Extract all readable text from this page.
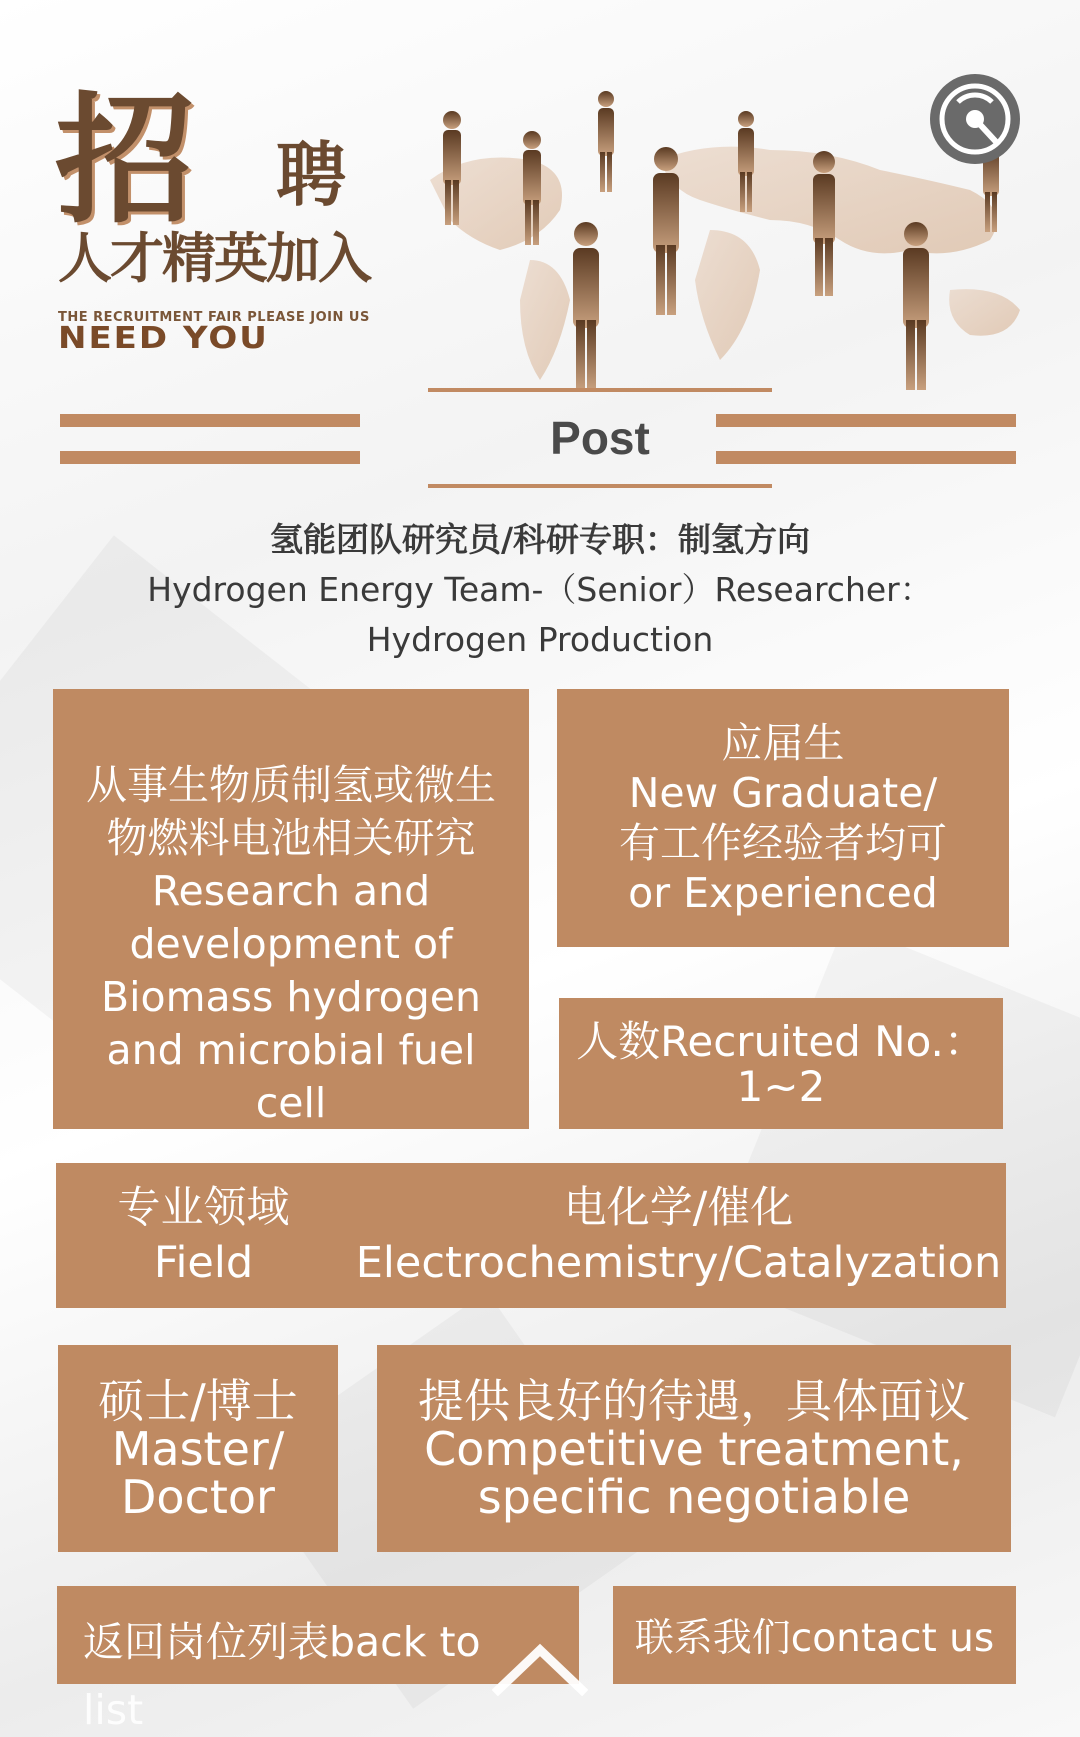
招 聘
人才精英加入
THE RECRUITMENT FAIR PLEASE JOIN US
NEED YOU
Post
氢能团队研究员/科研专职：制氢方向
Hydrogen Energy Team-（Senior）Researcher：
Hydrogen Production
从事生物质制氢或微生
物燃料电池相关研究
Research and
development of
Biomass hydrogen
and microbial fuel
cell
应届生
New Graduate/
有工作经验者均可
or Experienced
人数Recruited No.：
1~2
专业领域
Field
电化学/催化
Electrochemistry/Catalyzation
硕士/博士
Master/
Doctor
提供良好的待遇，具体面议
Competitive treatment,
specific negotiable
返回岗位列表back to
list
联系我们contact us
